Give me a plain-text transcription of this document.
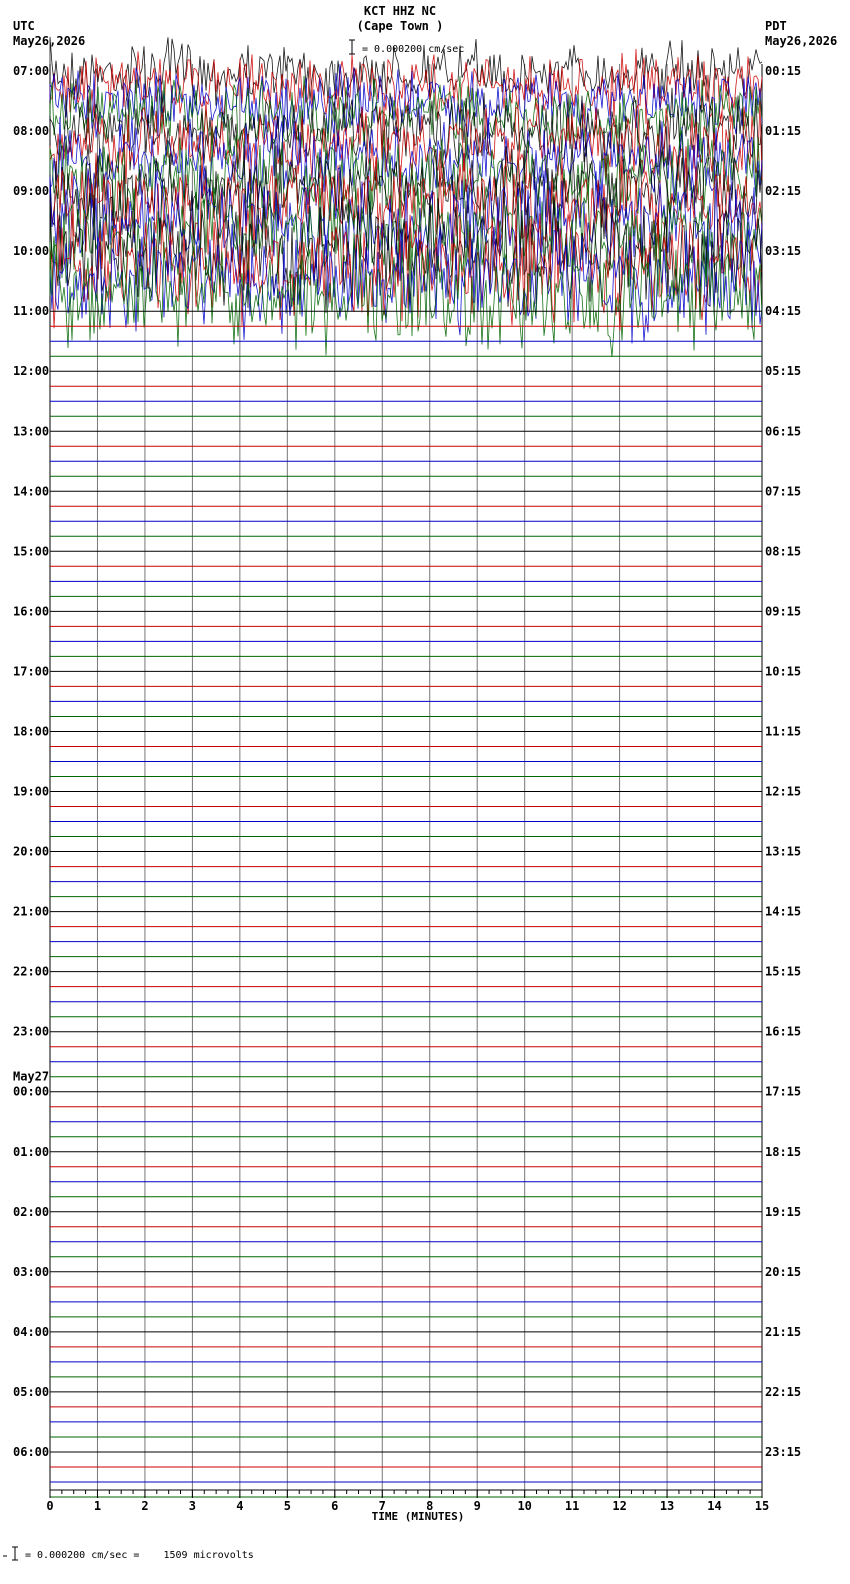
KCT HHZ NC
(Cape Town )
UTC
May26,2026
PDT
May26,2026
= 0.000200 cm/sec
= 0.000200 cm/sec =    1509 microvolts
07:00
08:00
09:00
10:00
11:00
12:00
13:00
14:00
15:00
16:00
17:00
18:00
19:00
20:00
21:00
22:00
23:00
00:00
01:00
02:00
03:00
04:00
05:00
06:00
00:15
01:15
02:15
03:15
04:15
05:15
06:15
07:15
08:15
09:15
10:15
11:15
12:15
13:15
14:15
15:15
16:15
17:15
18:15
19:15
20:15
21:15
22:15
23:15
May27
0	1	2	3	4	5	6	7	8	9	10	11	12	13	14	15
TIME (MINUTES)
